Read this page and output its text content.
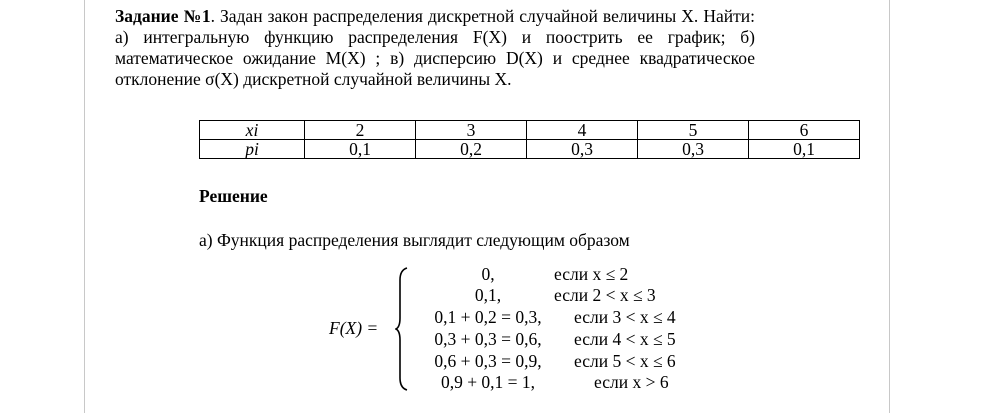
Задание №1. Задан закон распределения дискретной случайной величины X. Найти: а) интегральную функцию распределения F(X) и поострить ее график; б) математическое ожидание M(X) ; в) дисперсию D(X) и среднее квадратическое отклонение σ(X) дискретной случайной величины X.
xi	2	3	4	5	6
pi	0,1	0,2	0,3	0,3	0,1
Решение
а) Функция распределения выглядит следующим образом
F(X) =
0,	если x ≤ 2
0,1,	если 2 < x ≤ 3
0,1 + 0,2 = 0,3,	если 3 < x ≤ 4
0,3 + 0,3 = 0,6,	если 4 < x ≤ 5
0,6 + 0,3 = 0,9,	если 5 < x ≤ 6
0,9 + 0,1 = 1,	если x > 6
